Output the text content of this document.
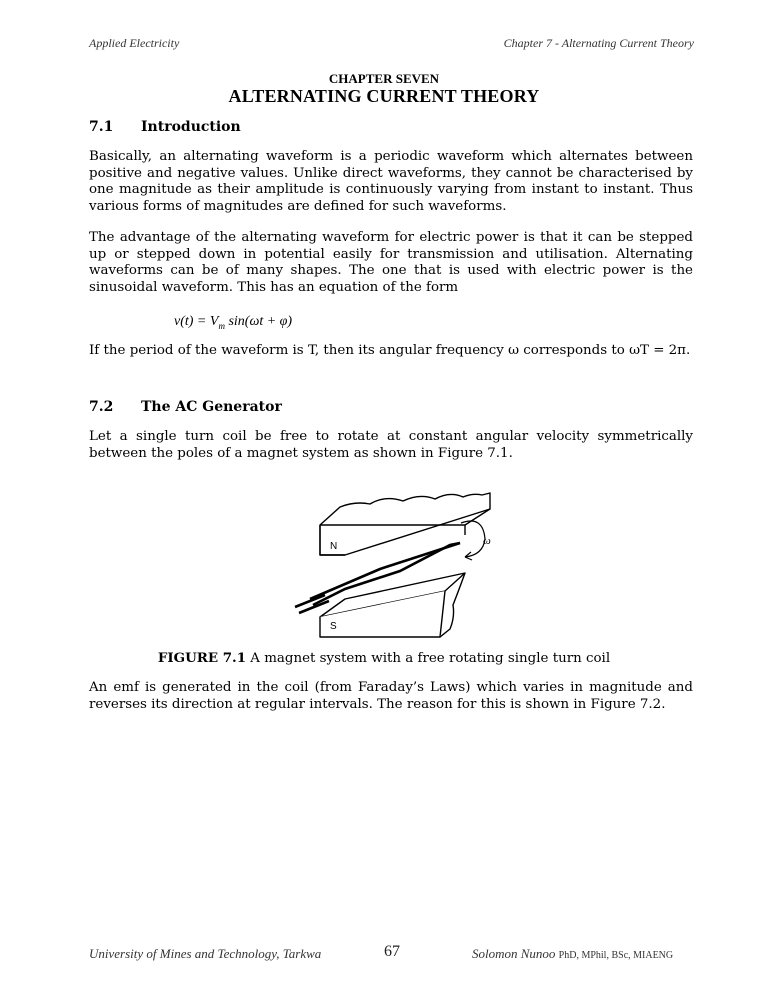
Applied Electricity	Chapter 7 - Alternating Current Theory
CHAPTER SEVEN
ALTERNATING CURRENT THEORY
7.1 Introduction

Basically, an alternating waveform is a periodic waveform which alternates between positive and negative values. Unlike direct waveforms, they cannot be characterised by one magnitude as their amplitude is continuously varying from instant to instant. Thus various forms of magnitudes are defined for such waveforms.

The advantage of the alternating waveform for electric power is that it can be stepped up or stepped down in potential easily for transmission and utilisation. Alternating waveforms can be of many shapes. The one that is used with electric power is the sinusoidal waveform. This has an equation of the form

$v(t) = V_m$ sin(ωt + φ)

If the period of the waveform is T, then its angular frequency ω corresponds to ωT = 2π.

7.2 The AC Generator

Let a single turn coil be free to rotate at constant angular velocity symmetrically between the poles of a magnet system as shown in Figure 7.1.

N	ω
S
FIGURE 7.1 A magnet system with a free rotating single turn coil

An emf is generated in the coil (from Faraday’s Laws) which varies in magnitude and reverses its direction at regular intervals. The reason for this is shown in Figure 7.2.

University of Mines and Technology, Tarkwa	67	Solomon Nunoo PhD, MPhil, BSc, MIAENG
